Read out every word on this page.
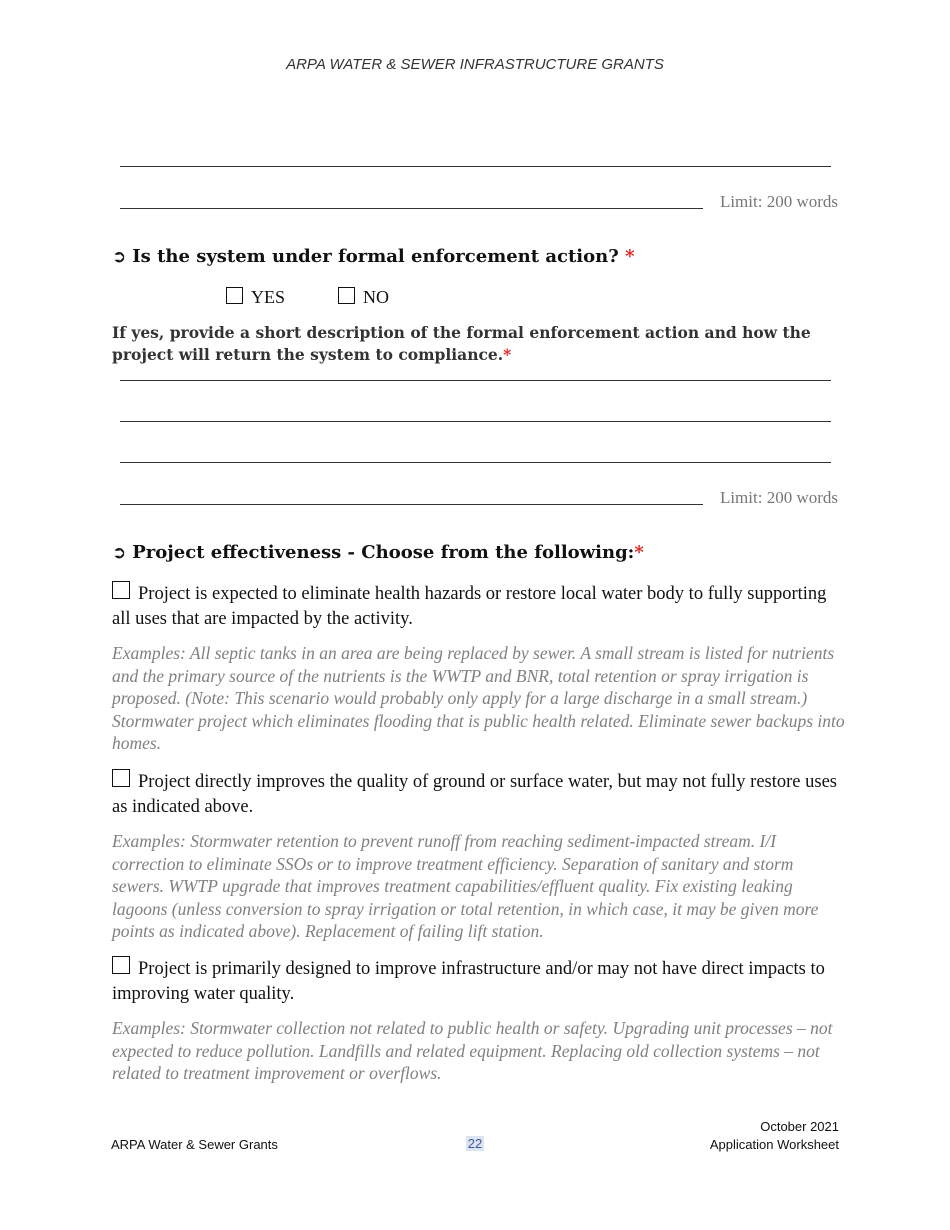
ARPA WATER & SEWER INFRASTRUCTURE GRANTS
Limit: 200 words
➲ Is the system under formal enforcement action? *
YES	NO
If yes, provide a short description of the formal enforcement action and how the project will return the system to compliance.*
Limit: 200 words
➲ Project effectiveness - Choose from the following:*
Project is expected to eliminate health hazards or restore local water body to fully supporting all uses that are impacted by the activity.
Examples: All septic tanks in an area are being replaced by sewer. A small stream is listed for nutrients and the primary source of the nutrients is the WWTP and BNR, total retention or spray irrigation is proposed. (Note: This scenario would probably only apply for a large discharge in a small stream.) Stormwater project which eliminates flooding that is public health related. Eliminate sewer backups into homes.
Project directly improves the quality of ground or surface water, but may not fully restore uses as indicated above.
Examples: Stormwater retention to prevent runoff from reaching sediment-impacted stream. I/I correction to eliminate SSOs or to improve treatment efficiency. Separation of sanitary and storm sewers. WWTP upgrade that improves treatment capabilities/effluent quality. Fix existing leaking lagoons (unless conversion to spray irrigation or total retention, in which case, it may be given more points as indicated above). Replacement of failing lift station.
Project is primarily designed to improve infrastructure and/or may not have direct impacts to improving water quality.
Examples: Stormwater collection not related to public health or safety. Upgrading unit processes – not expected to reduce pollution. Landfills and related equipment. Replacing old collection systems – not related to treatment improvement or overflows.
ARPA Water & Sewer Grants	22
October 2021
Application Worksheet
